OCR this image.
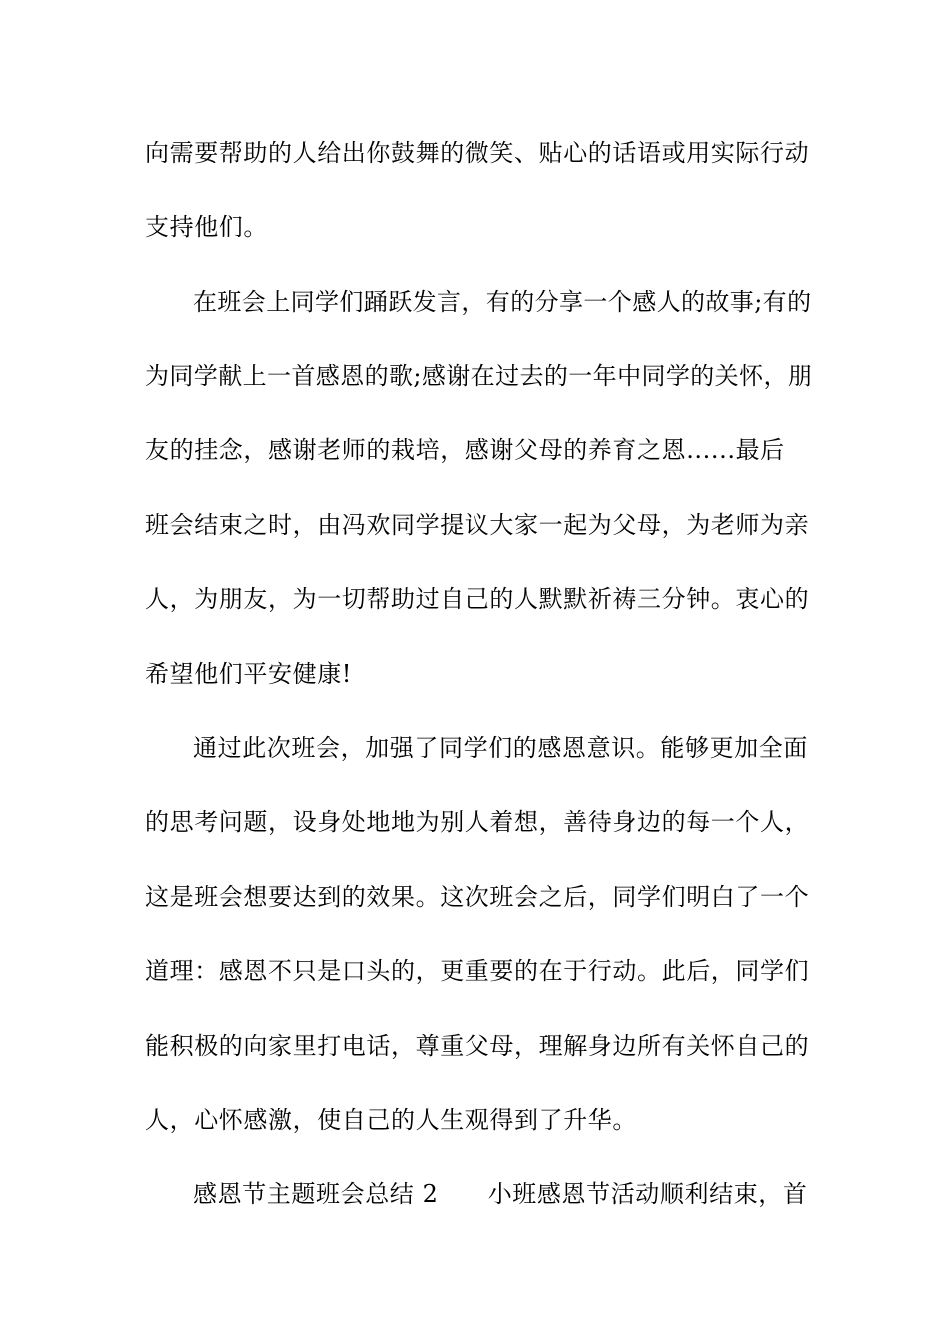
向需要帮助的人给出你鼓舞的微笑、贴心的话语或用实际行动
支持他们。
在班会上同学们踊跃发言，有的分享一个感人的故事;有的
为同学献上一首感恩的歌;感谢在过去的一年中同学的关怀，朋
友的挂念，感谢老师的栽培，感谢父母的养育之恩......最后
班会结束之时，由冯欢同学提议大家一起为父母，为老师为亲
人，为朋友，为一切帮助过自己的人默默祈祷三分钟。衷心的
希望他们平安健康!
通过此次班会，加强了同学们的感恩意识。能够更加全面
的思考问题，设身处地地为别人着想，善待身边的每一个人，
这是班会想要达到的效果。这次班会之后，同学们明白了一个
道理：感恩不只是口头的，更重要的在于行动。此后，同学们
能积极的向家里打电话，尊重父母，理解身边所有关怀自己的
人，心怀感激，使自己的人生观得到了升华。
感恩节主题班会总结 2　　小班感恩节活动顺利结束，首
